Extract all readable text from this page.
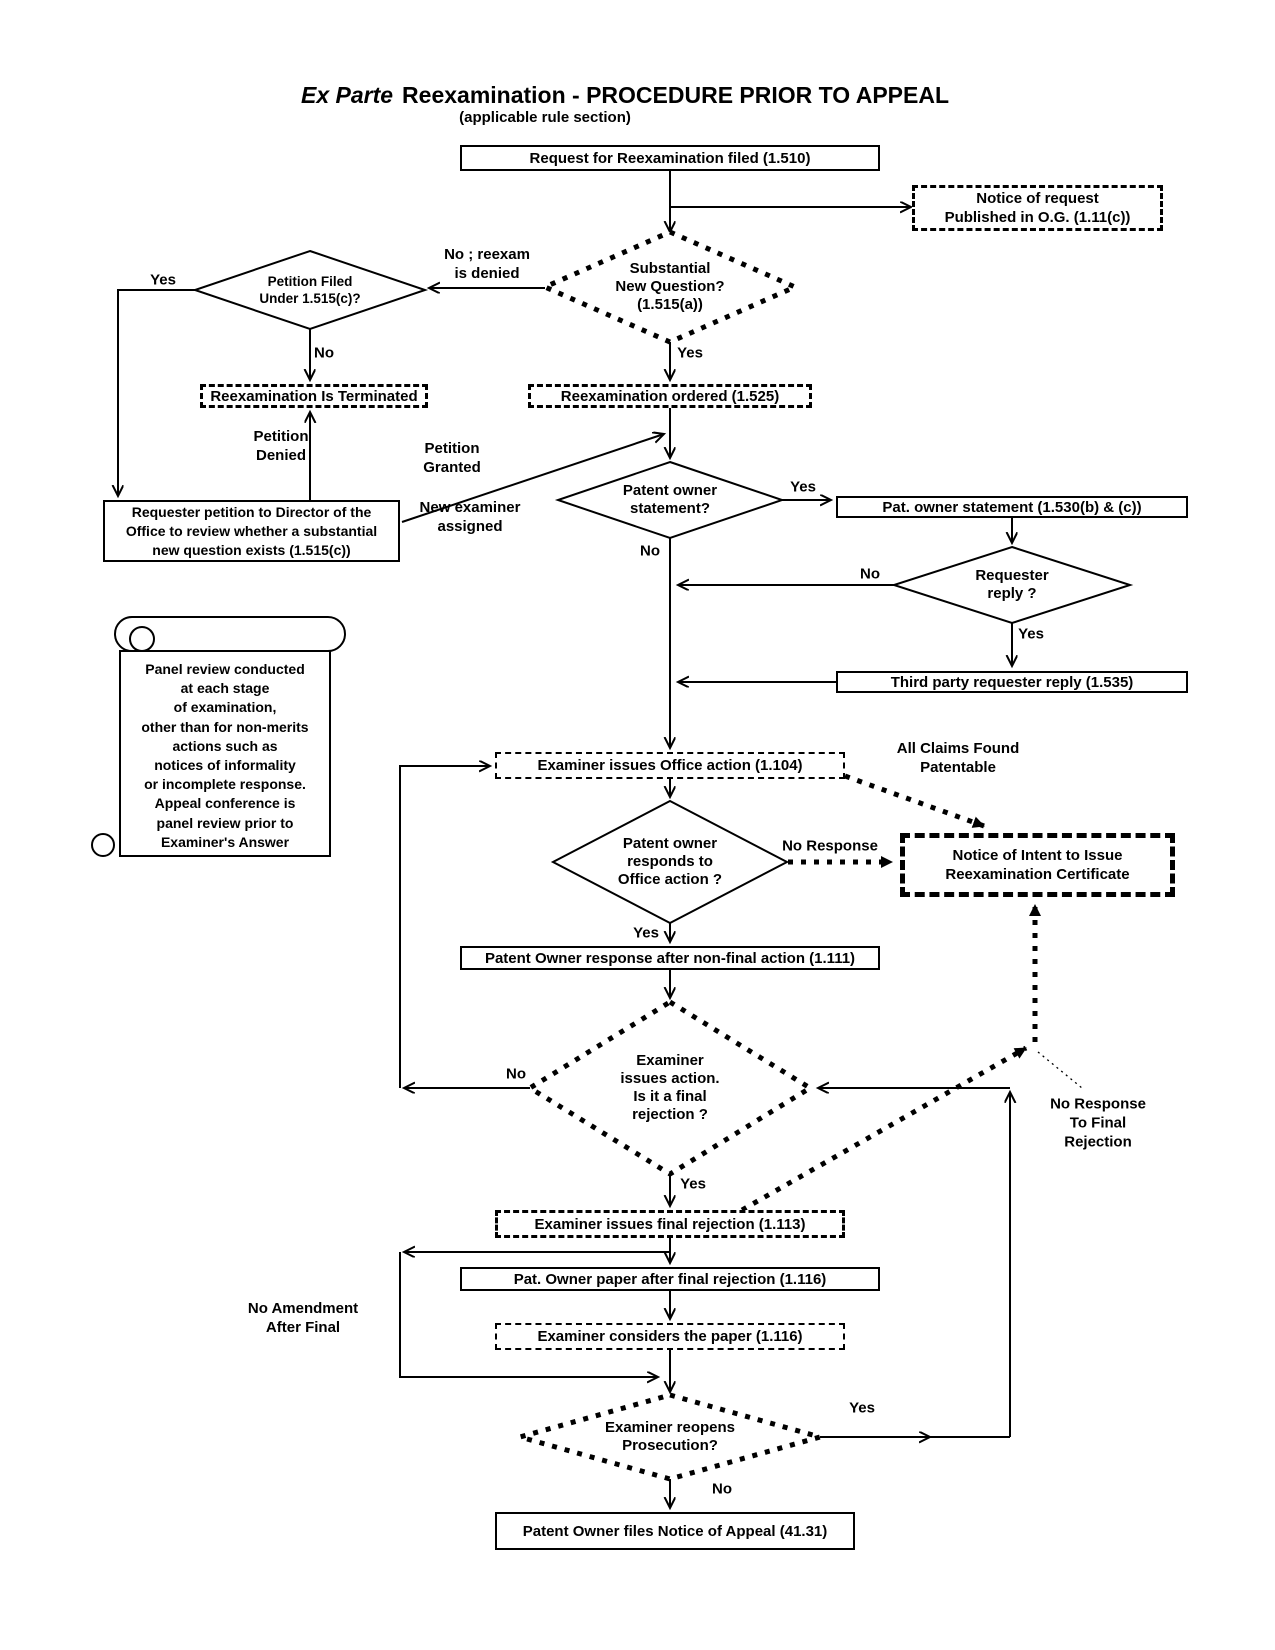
Ex Parte Reexamination - PROCEDURE PRIOR TO APPEAL
(applicable rule section)
Request for Reexamination filed (1.510)
Notice of request
Published in O.G. (1.11(c))
Reexamination Is Terminated	Reexamination ordered (1.525)
Requester petition to Director of the
Office to review whether a substantial
new question exists (1.515(c))
Pat. owner statement (1.530(b) & (c))
Third party requester reply (1.535)
Examiner issues Office action (1.104)
Notice of Intent to Issue
Reexamination Certificate
Patent Owner response after non-final action (1.111)
Examiner issues final rejection (1.113)
Pat. Owner paper after final rejection (1.116)
Examiner considers the paper (1.116)
Patent Owner files Notice of Appeal (41.31)
Substantial
New Question?
(1.515(a))
Petition Filed
Under 1.515(c)?
Patent owner
statement?
Requester
reply ?
Patent owner
responds to
Office action ?
Examiner
issues action.
Is it a final
rejection ?
Examiner reopens
Prosecution?
Panel review conducted
at each stage
of examination,
other than for non-merits
actions such as
notices of informality
or incomplete response.
Appeal conference is
panel review prior to
Examiner's Answer
Yes
No ; reexam
is denied
No	Yes
Petition
Denied	Petition
Granted
New examiner
assigned
Yes
No
No
Yes
All Claims Found
Patentable
No Response
Yes
No
Yes
No Response
To Final
Rejection
No Amendment
After Final
Yes
No
